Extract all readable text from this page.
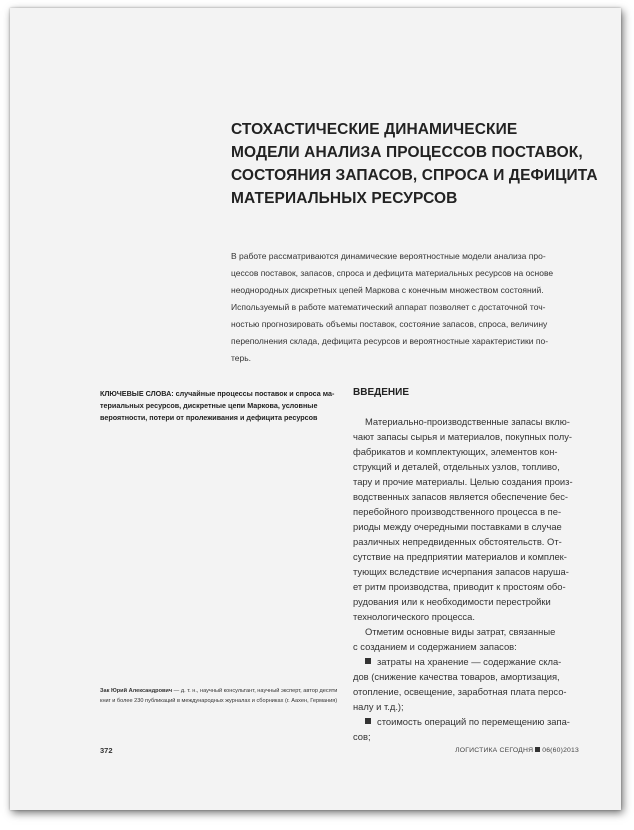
СТОХАСТИЧЕСКИЕ ДИНАМИЧЕСКИЕ
МОДЕЛИ АНАЛИЗА ПРОЦЕССОВ ПОСТАВОК,
СОСТОЯНИЯ ЗАПАСОВ, СПРОСА И ДЕФИЦИТА
МАТЕРИАЛЬНЫХ РЕСУРСОВ
В работе рассматриваются динамические вероятностные модели анализа про-
цессов поставок, запасов, спроса и дефицита материальных ресурсов на основе
неоднородных дискретных цепей Маркова с конечным множеством состояний.
Используемый в работе математический аппарат позволяет с достаточной точ-
ностью прогнозировать объемы поставок, состояние запасов, спроса, величину
переполнения склада, дефицита ресурсов и вероятностные характеристики по-
терь.
КЛЮЧЕВЫЕ СЛОВА: случайные процессы поставок и спроса ма-
териальных ресурсов, дискретные цепи Маркова, условные
вероятности, потери от пролеживания и дефицита ресурсов
Зак Юрий Александрович — д. т. н., научный консультант, научный эксперт, автор десяти
книг и более 230 публикаций в международных журналах и сборниках (г. Аахен, Германия)
ВВЕДЕНИЕ
Материально-производственные запасы вклю-
чают запасы сырья и материалов, покупных полу-
фабрикатов и комплектующих, элементов кон-
струкций и деталей, отдельных узлов, топливо,
тару и прочие материалы. Целью создания произ-
водственных запасов является обеспечение бес-
перебойного производственного процесса в пе-
риоды между очередными поставками в случае
различных непредвиденных обстоятельств. От-
сутствие на предприятии материалов и комплек-
тующих вследствие исчерпания запасов наруша-
ет ритм производства, приводит к простоям обо-
рудования или к необходимости перестройки
технологического процесса.
Отметим основные виды затрат, связанные
с созданием и содержанием запасов:
затраты на хранение — содержание скла-
дов (снижение качества товаров, амортизация,
отопление, освещение, заработная плата персо-
налу и т.д.);
стоимость операций по перемещению запа-
сов;
372	ЛОГИСТИКА СЕГОДНЯ 06(60)2013
